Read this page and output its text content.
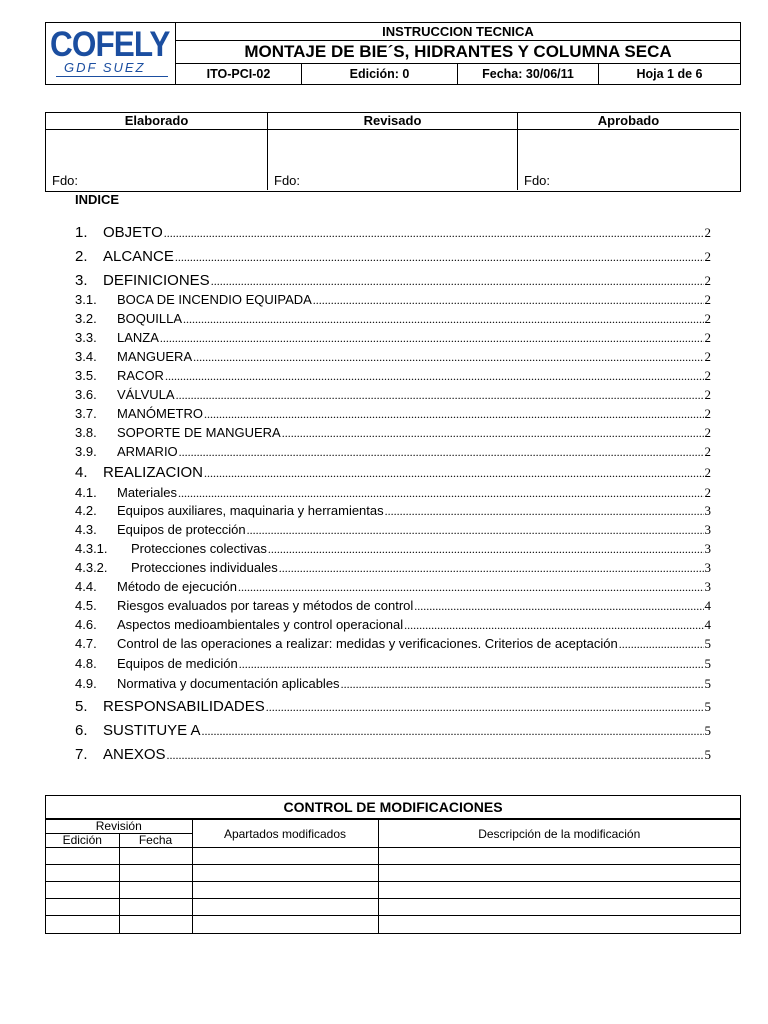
COFELY
GDF SUEZ
INSTRUCCION TECNICA
MONTAJE DE BIE´S, HIDRANTES Y COLUMNA SECA
ITO-PCI-02	Edición: 0	Fecha: 30/06/11	Hoja 1 de 6
Elaborado
Fdo:
Revisado
Fdo:
Aprobado
Fdo:
INDICE
1.	OBJETO .....	2
2.	ALCANCE .....	2
3.	DEFINICIONES .....	2
3.1.	BOCA DE INCENDIO EQUIPADA .....	2
3.2.	BOQUILLA .....	2
3.3.	LANZA .....	2
3.4.	MANGUERA .....	2
3.5.	RACOR .....	2
3.6.	VÁLVULA .....	2
3.7.	MANÓMETRO .....	2
3.8.	SOPORTE DE MANGUERA .....	2
3.9.	ARMARIO .....	2
4.	REALIZACION .....	2
4.1.	Materiales .....	2
4.2.	Equipos auxiliares, maquinaria y herramientas .....	3
4.3.	Equipos de protección .....	3
4.3.1.	Protecciones colectivas .....	3
4.3.2.	Protecciones individuales .....	3
4.4.	Método de ejecución .....	3
4.5.	Riesgos evaluados por tareas y métodos de control .....	4
4.6.	Aspectos medioambientales y control operacional .....	4
4.7.	Control de las operaciones a realizar: medidas y verificaciones. Criterios de aceptación .....	5
4.8.	Equipos de medición .....	5
4.9.	Normativa y documentación aplicables .....	5
5.	RESPONSABILIDADES .....	5
6.	SUSTITUYE A .....	5
7.	ANEXOS .....	5
CONTROL DE MODIFICACIONES
Revisión		Apartados modificados	Descripción de la modificación
Edición	Fecha		
